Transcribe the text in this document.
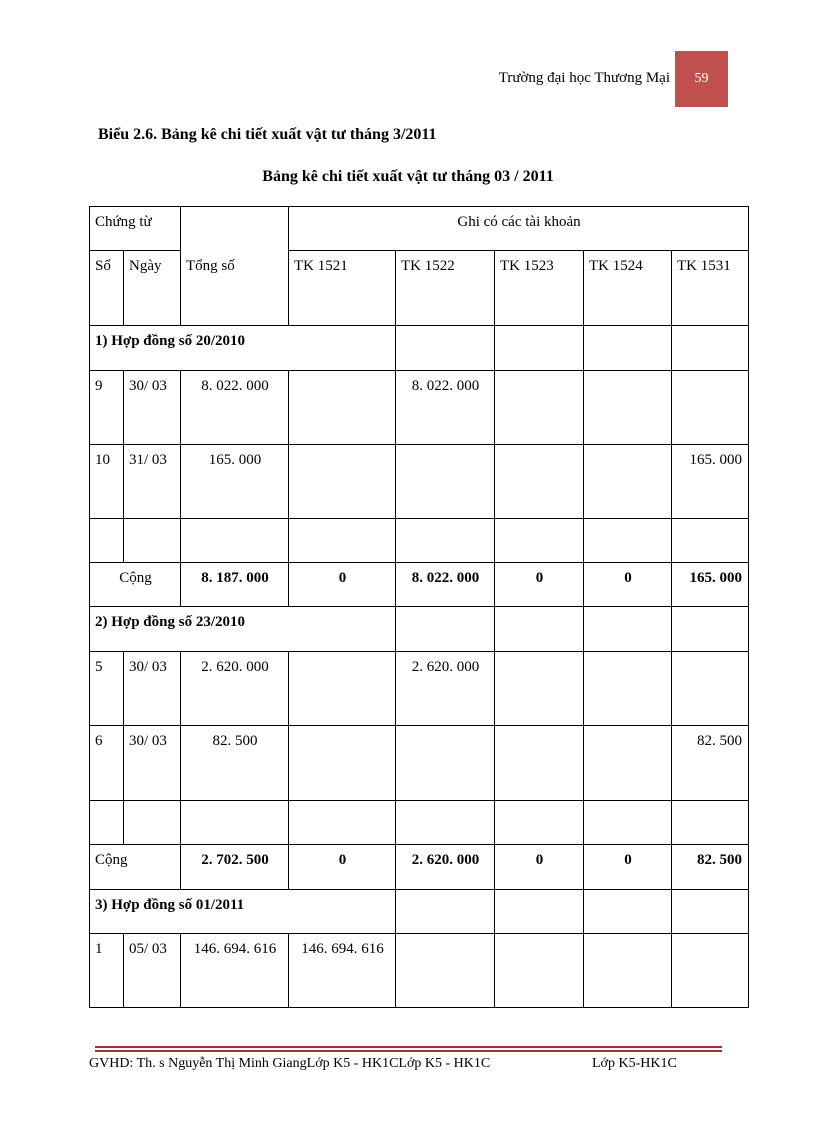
Trường đại học Thương Mại	59
Biểu 2.6. Bảng kê chi tiết xuất vật tư tháng 3/2011
Bảng kê chi tiết xuất vật tư tháng 03 / 2011
Chứng từ		Tổng số	Ghi có các tài khoản				
Số	Ngày		TK 1521	TK 1522	TK 1523	TK 1524	TK 1531
1) Hợp đồng số 20/2010							
9	30/ 03	8. 022. 000		8. 022. 000			
10	31/ 03	165. 000					165. 000

Cộng		8. 187. 000	0	8. 022. 000	0	0	165. 000
2) Hợp đồng số 23/2010							
5	30/ 03	2. 620. 000		2. 620. 000			
6	30/ 03	82. 500					82. 500

Cộng		2. 702. 500	0	2. 620. 000	0	0	82. 500
3) Hợp đồng số 01/2011							
1	05/ 03	146. 694. 616	146. 694. 616				
GVHD: Th. s Nguyễn Thị Minh GiangLớp K5 - HK1CLớp K5 - HK1C	Lớp K5-HK1C
